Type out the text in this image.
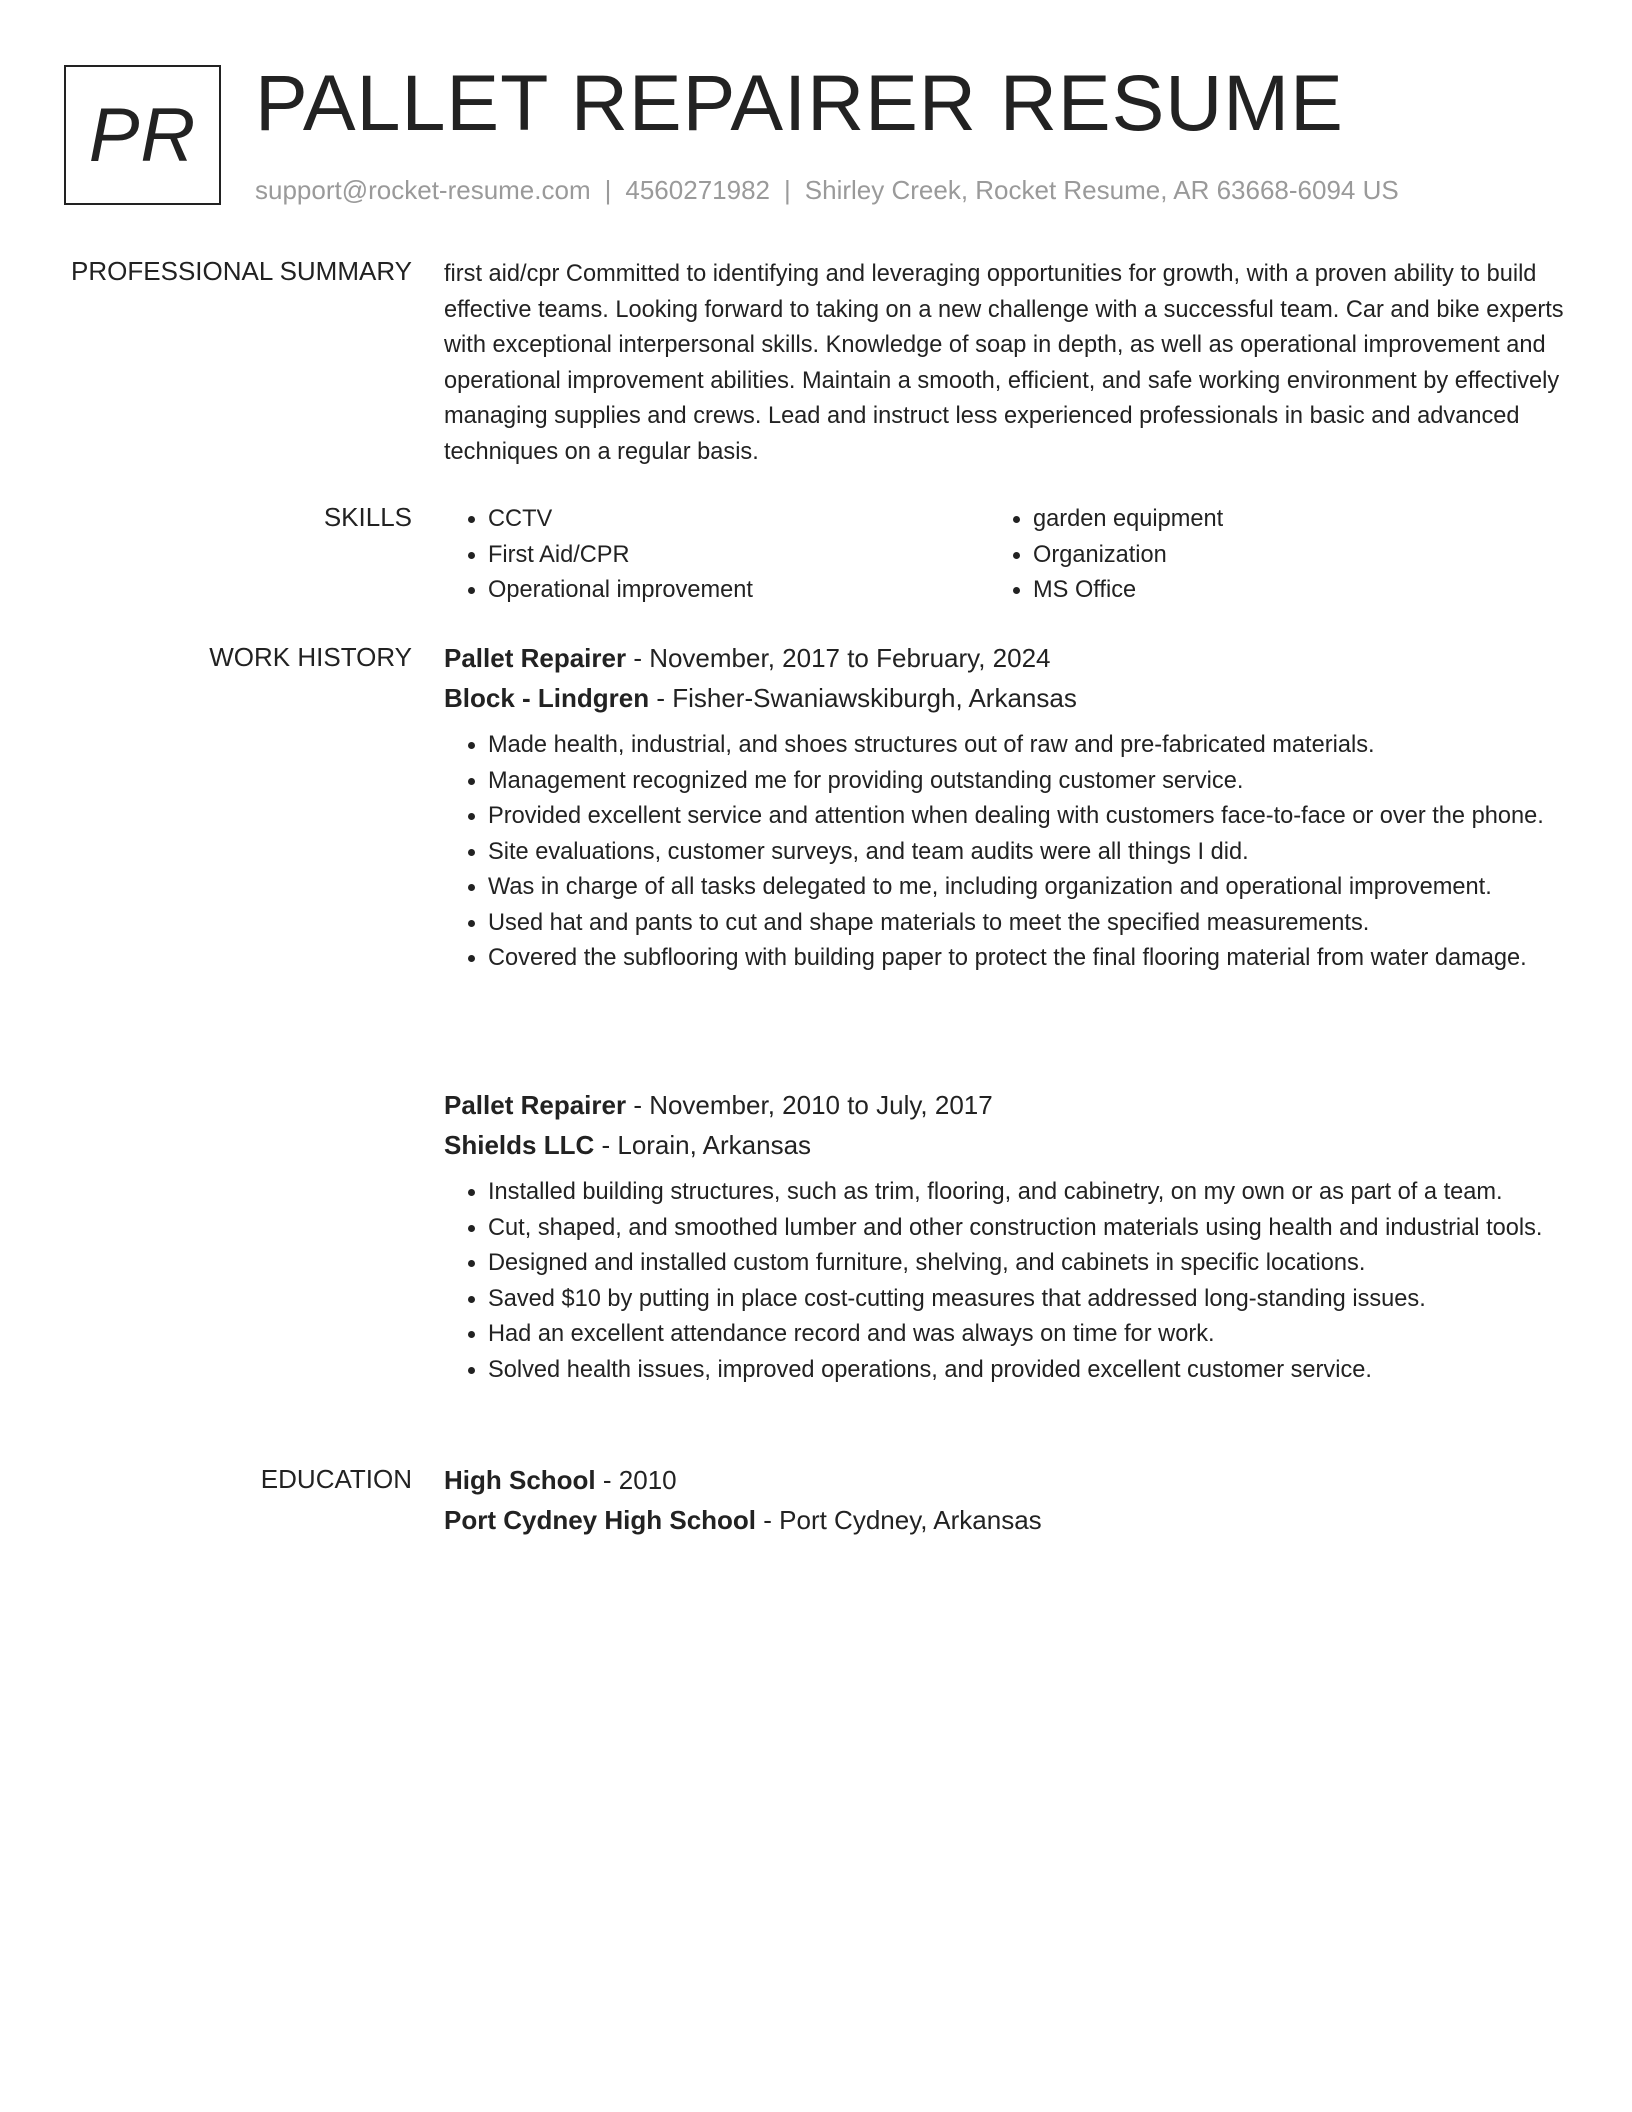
PR PALLET REPAIRER RESUME
support@rocket-resume.com | 4560271982 | Shirley Creek, Rocket Resume, AR 63668-6094 US
PROFESSIONAL SUMMARY first aid/cpr Committed to identifying and leveraging opportunities for growth, with a proven ability to build effective teams. Looking forward to taking on a new challenge with a successful team. Car and bike experts with exceptional interpersonal skills. Knowledge of soap in depth, as well as operational improvement and operational improvement abilities. Maintain a smooth, efficient, and safe working environment by effectively managing supplies and crews. Lead and instruct less experienced professionals in basic and advanced techniques on a regular basis.

SKILLS
•	CCTV
• First Aid/CPR
• Operational improvement
• garden equipment
• Organization
• MS Office
WORK HISTORY Pallet Repairer - November, 2017 to February, 2024
Block - Lindgren - Fisher-Swaniawskiburgh, Arkansas
• Made health, industrial, and shoes structures out of raw and pre-fabricated materials.
• Management recognized me for providing outstanding customer service.
• Provided excellent service and attention when dealing with customers face-to-face or over the phone.
• Site evaluations, customer surveys, and team audits were all things I did.
• Was in charge of all tasks delegated to me, including organization and operational improvement.
• Used hat and pants to cut and shape materials to meet the specified measurements.
• Covered the subflooring with building paper to protect the final flooring material from water damage.
Pallet Repairer - November, 2010 to July, 2017
Shields LLC - Lorain, Arkansas
• Installed building structures, such as trim, flooring, and cabinetry, on my own or as part of a team.
• Cut, shaped, and smoothed lumber and other construction materials using health and industrial tools.
• Designed and installed custom furniture, shelving, and cabinets in specific locations.
• Saved $10 by putting in place cost-cutting measures that addressed long-standing issues.
• Had an excellent attendance record and was always on time for work.
• Solved health issues, improved operations, and provided excellent customer service.
EDUCATION High School - 2010
Port Cydney High School - Port Cydney, Arkansas
